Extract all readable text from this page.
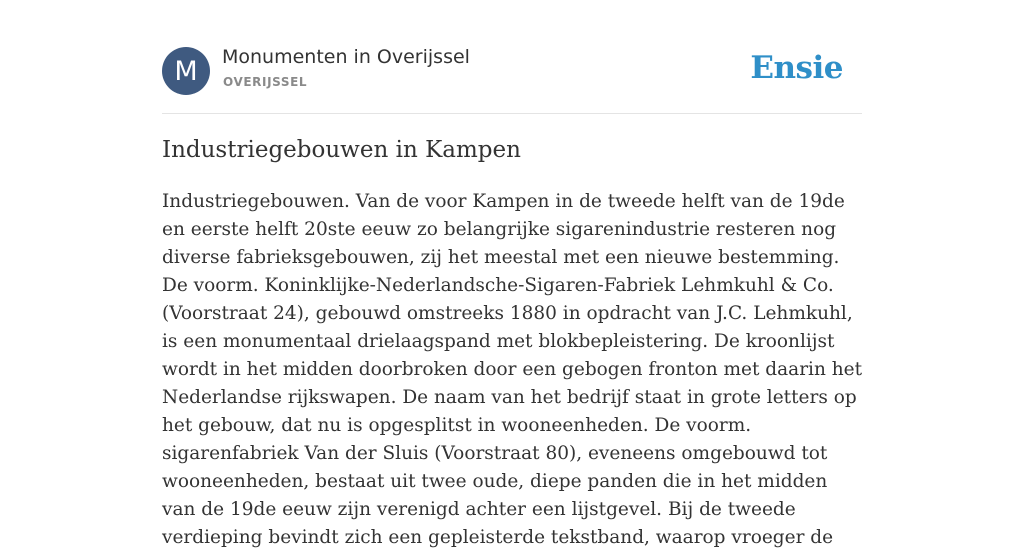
M	Monumenten in Overijssel
OVERIJSSEL	Ensie
Industriegebouwen in Kampen

Industriegebouwen. Van de voor Kampen in de tweede helft van de 19de en eerste helft 20ste eeuw zo belangrijke sigarenindustrie resteren nog diverse fabrieksgebouwen, zij het meestal met een nieuwe bestemming. De voorm. Koninklijke-Nederlandsche-Sigaren-Fabriek Lehmkuhl & Co. (Voorstraat 24), gebouwd omstreeks 1880 in opdracht van J.C. Lehmkuhl, is een monumentaal drielaagspand met blokbepleistering. De kroonlijst wordt in het midden doorbroken door een gebogen fronton met daarin het Nederlandse rijkswapen. De naam van het bedrijf staat in grote letters op het gebouw, dat nu is opgesplitst in wooneenheden. De voorm. sigarenfabriek Van der Sluis (Voorstraat 80), eveneens omgebouwd tot wooneenheden, bestaat uit twee oude, diepe panden die in het midden van de 19de eeuw zijn verenigd achter een lijstgevel. Bij de tweede verdieping bevindt zich een gepleisterde tekstband, waarop vroeger de
